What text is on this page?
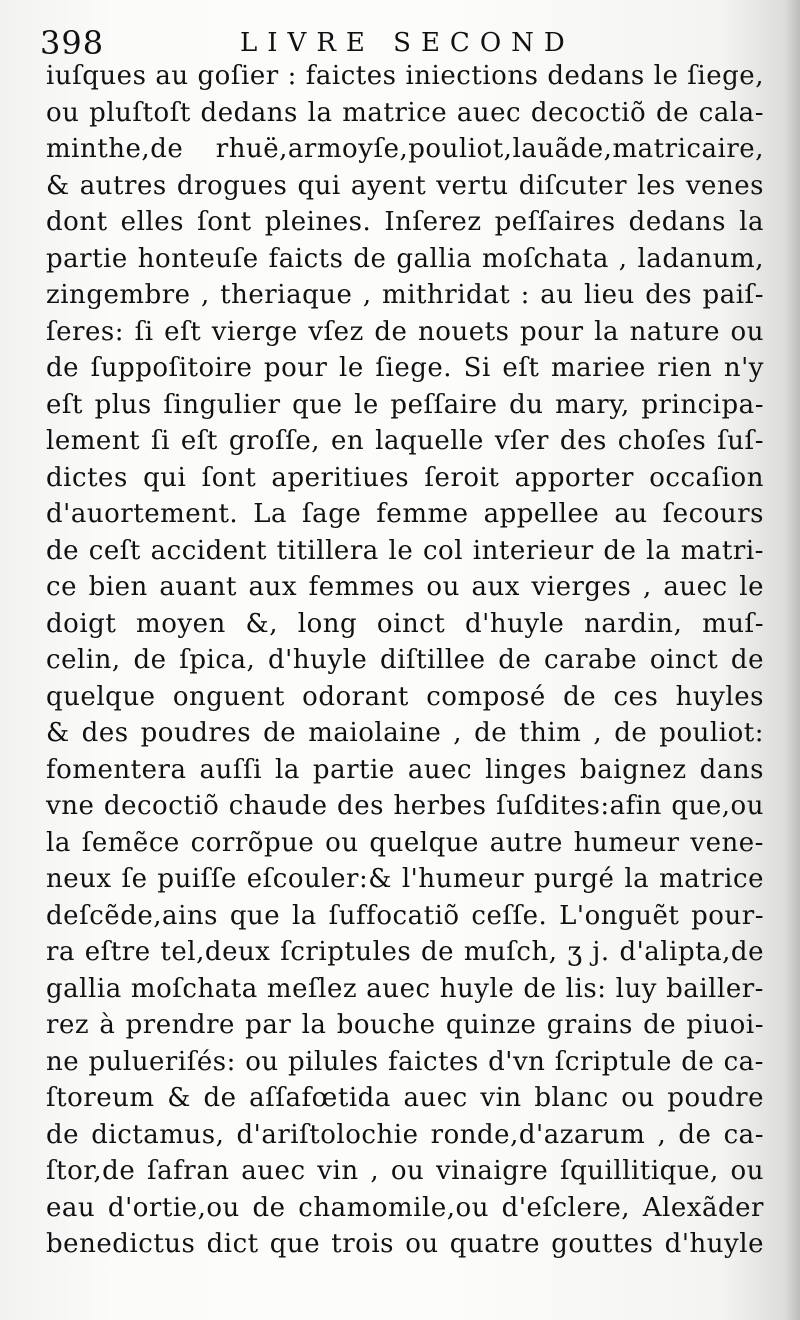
398	LIVRE SECOND
iuſques au goſier : faictes iniections dedans le ſiege,
ou pluſtoſt dedans la matrice auec decoctiõ de cala-
minthe,de rhuë,armoyſe,pouliot,lauãde,matricaire,
& autres drogues qui ayent vertu diſcuter les venes
dont elles ſont pleines. Inſerez peſſaires dedans la
partie honteuſe faicts de gallia moſchata , ladanum,
zingembre , theriaque , mithridat : au lieu des paiſ-
ſeres: ſi eſt vierge vſez de nouets pour la nature ou
de ſuppoſitoire pour le ſiege. Si eſt mariee rien n'y
eſt plus ſingulier que le peſſaire du mary, principa-
lement ſi eſt groſſe, en laquelle vſer des choſes ſuſ-
dictes qui ſont aperitiues ſeroit apporter occaſion
d'auortement. La ſage femme appellee au ſecours
de ceſt accident titillera le col interieur de la matri-
ce bien auant aux femmes ou aux vierges , auec le
doigt moyen &, long oinct d'huyle nardin, muſ-
celin, de ſpica, d'huyle diſtillee de carabe oinct de
quelque onguent odorant composé de ces huyles
& des poudres de maiolaine , de thim , de pouliot:
fomentera auſſi la partie auec linges baignez dans
vne decoctiõ chaude des herbes ſuſdites:afin que,ou
la ſemẽce corrõpue ou quelque autre humeur vene-
neux ſe puiſſe eſcouler:& l'humeur purgé la matrice
deſcẽde,ains que la ſuffocatiõ ceſſe. L'onguẽt pour-
ra eſtre tel,deux ſcriptules de muſch, ʒ j. d'alipta,de
gallia moſchata meſlez auec huyle de lis: luy bailler-
rez à prendre par la bouche quinze grains de piuoi-
ne pulueriſés: ou pilules faictes d'vn ſcriptule de ca-
ſtoreum & de aſſafœtida auec vin blanc ou poudre
de dictamus, d'ariſtolochie ronde,d'azarum , de ca-
ſtor,de ſafran auec vin , ou vinaigre ſquillitique, ou
eau d'ortie,ou de chamomile,ou d'eſclere, Alexãder
benedictus dict que trois ou quatre gouttes d'huyle
